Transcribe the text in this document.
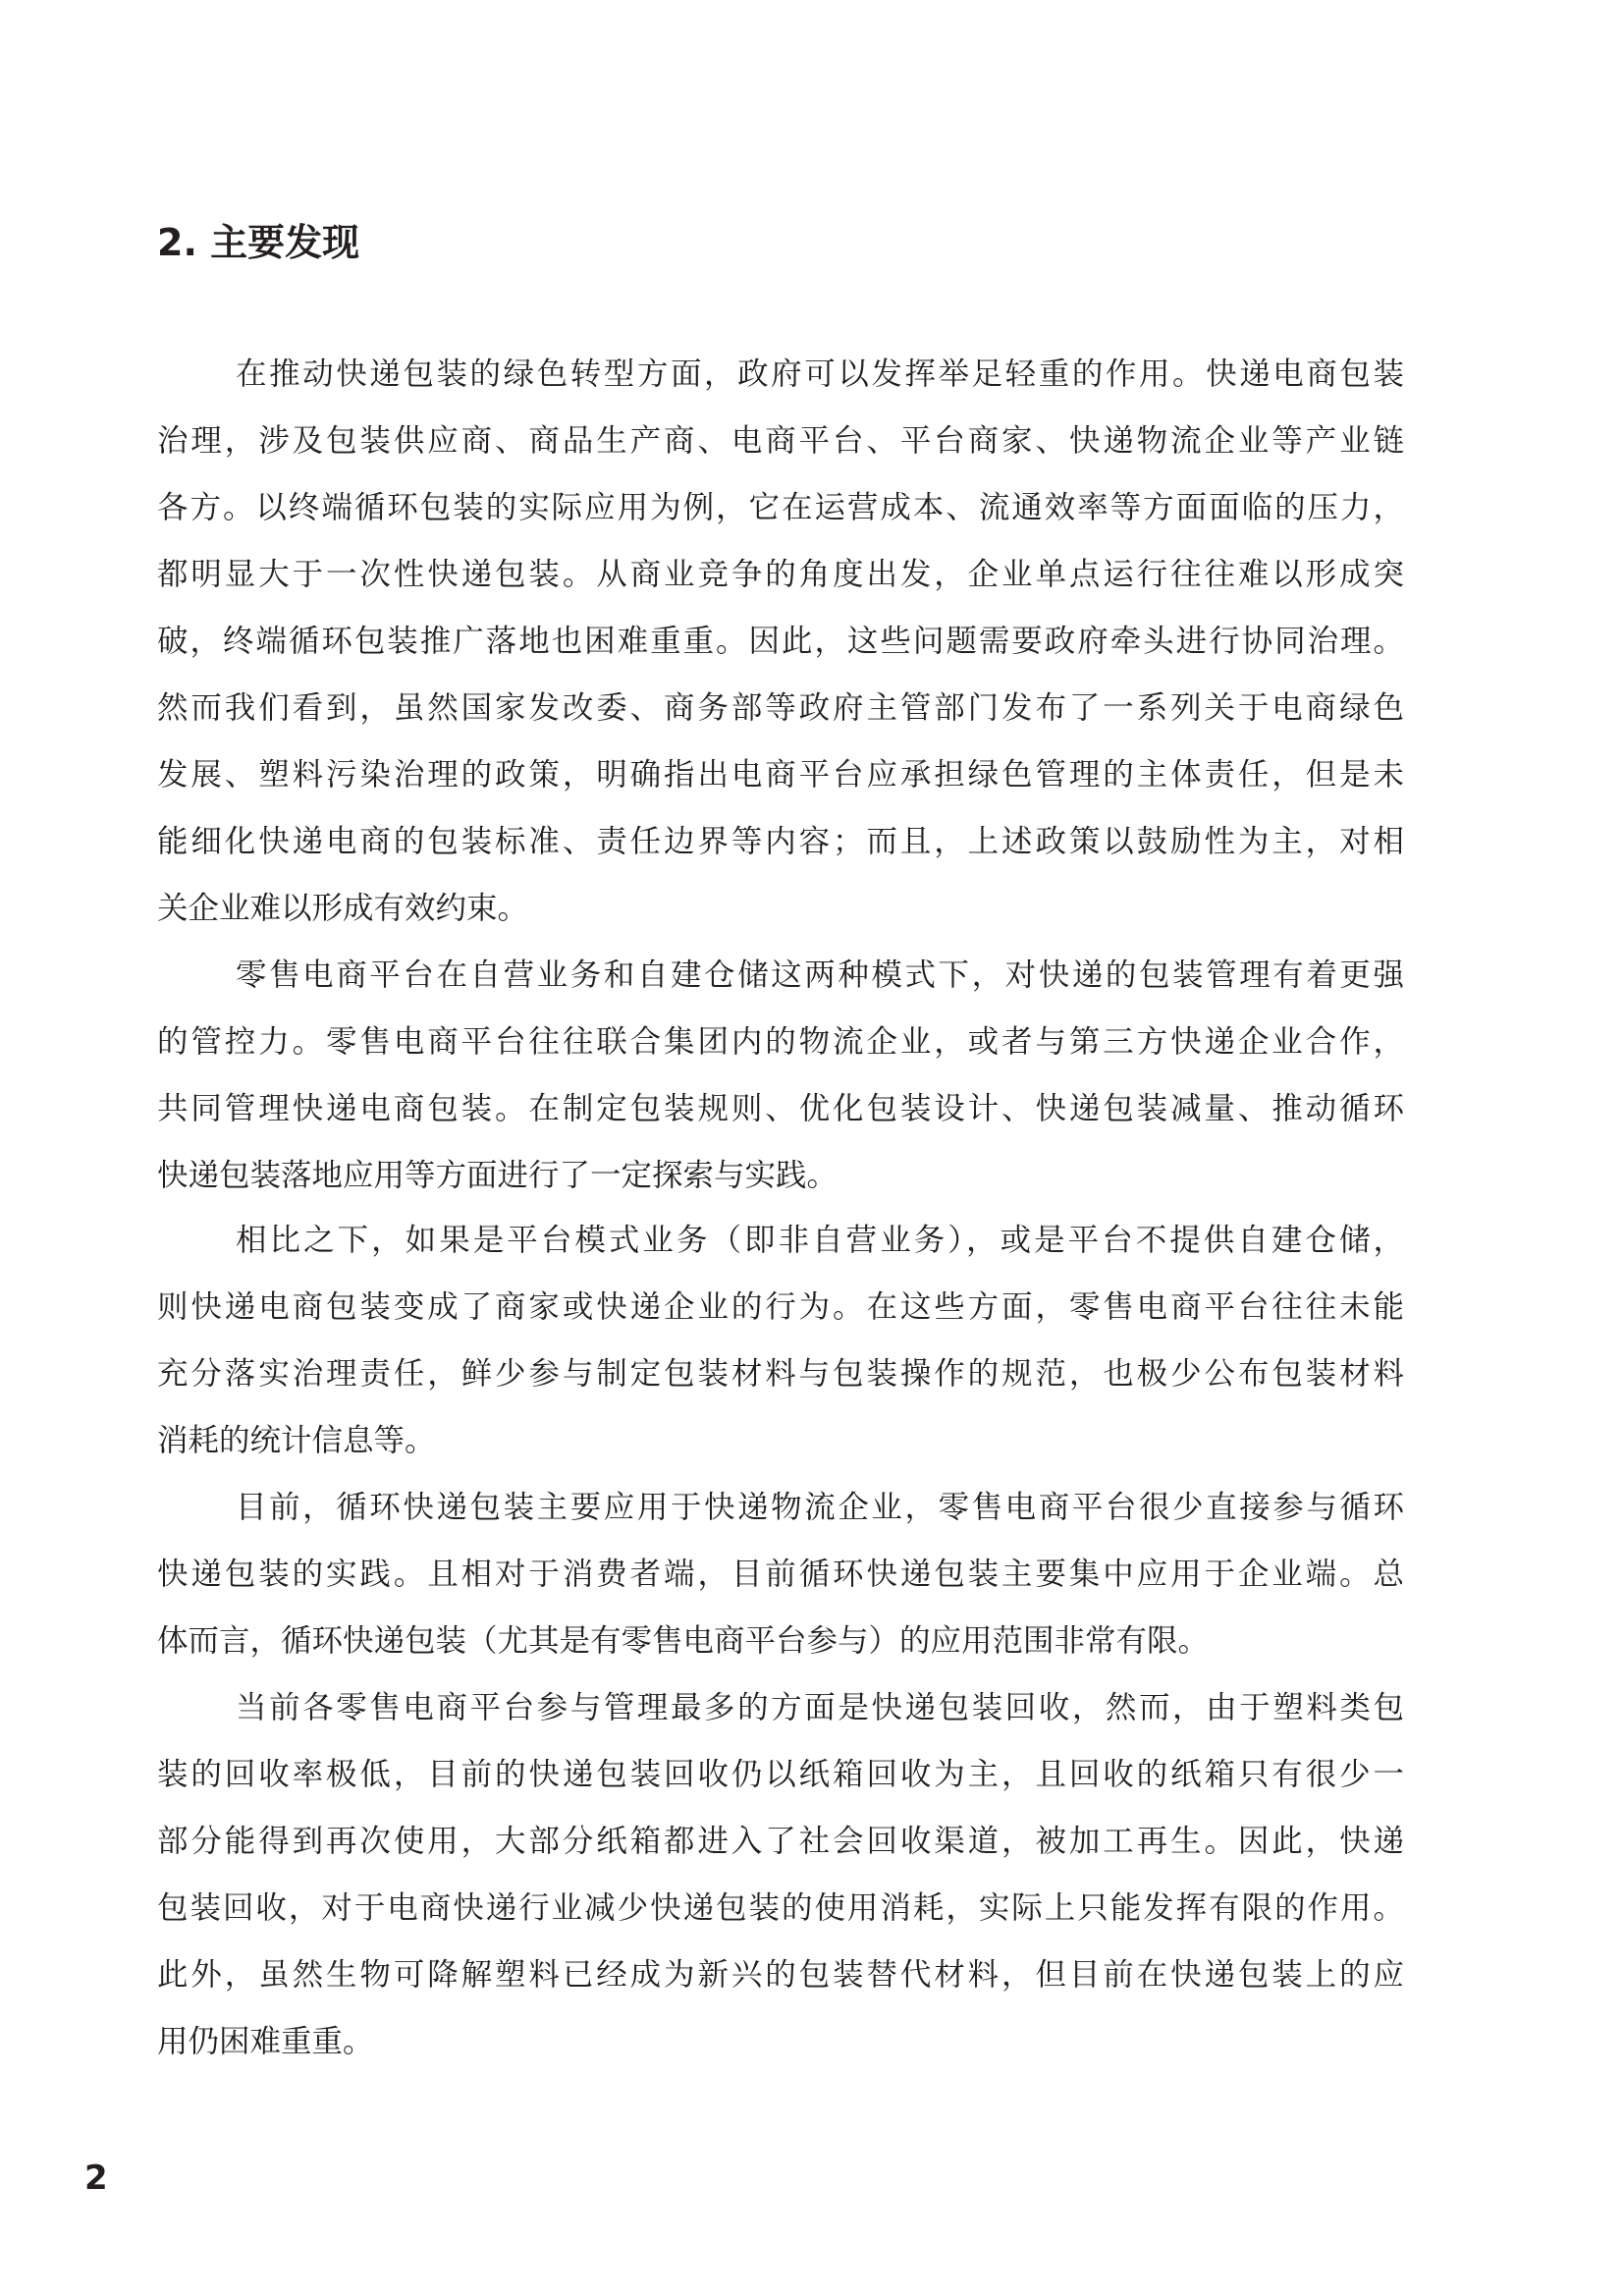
2. 主要发现
在推动快递包装的绿色转型方面，政府可以发挥举足轻重的作用。快递电商包装
治理，涉及包装供应商、商品生产商、电商平台、平台商家、快递物流企业等产业链
各方。以终端循环包装的实际应用为例，它在运营成本、流通效率等方面面临的压力，
都明显大于一次性快递包装。从商业竞争的角度出发，企业单点运行往往难以形成突
破，终端循环包装推广落地也困难重重。因此，这些问题需要政府牵头进行协同治理。
然而我们看到，虽然国家发改委、商务部等政府主管部门发布了一系列关于电商绿色
发展、塑料污染治理的政策，明确指出电商平台应承担绿色管理的主体责任，但是未
能细化快递电商的包装标准、责任边界等内容；而且，上述政策以鼓励性为主，对相
关企业难以形成有效约束。
零售电商平台在自营业务和自建仓储这两种模式下，对快递的包装管理有着更强
的管控力。零售电商平台往往联合集团内的物流企业，或者与第三方快递企业合作，
共同管理快递电商包装。在制定包装规则、优化包装设计、快递包装减量、推动循环
快递包装落地应用等方面进行了一定探索与实践。
相比之下，如果是平台模式业务（即非自营业务），或是平台不提供自建仓储，
则快递电商包装变成了商家或快递企业的行为。在这些方面，零售电商平台往往未能
充分落实治理责任，鲜少参与制定包装材料与包装操作的规范，也极少公布包装材料
消耗的统计信息等。
目前，循环快递包装主要应用于快递物流企业，零售电商平台很少直接参与循环
快递包装的实践。且相对于消费者端，目前循环快递包装主要集中应用于企业端。总
体而言，循环快递包装（尤其是有零售电商平台参与）的应用范围非常有限。
当前各零售电商平台参与管理最多的方面是快递包装回收，然而，由于塑料类包
装的回收率极低，目前的快递包装回收仍以纸箱回收为主，且回收的纸箱只有很少一
部分能得到再次使用，大部分纸箱都进入了社会回收渠道，被加工再生。因此，快递
包装回收，对于电商快递行业减少快递包装的使用消耗，实际上只能发挥有限的作用。
此外，虽然生物可降解塑料已经成为新兴的包装替代材料，但目前在快递包装上的应
用仍困难重重。
2
